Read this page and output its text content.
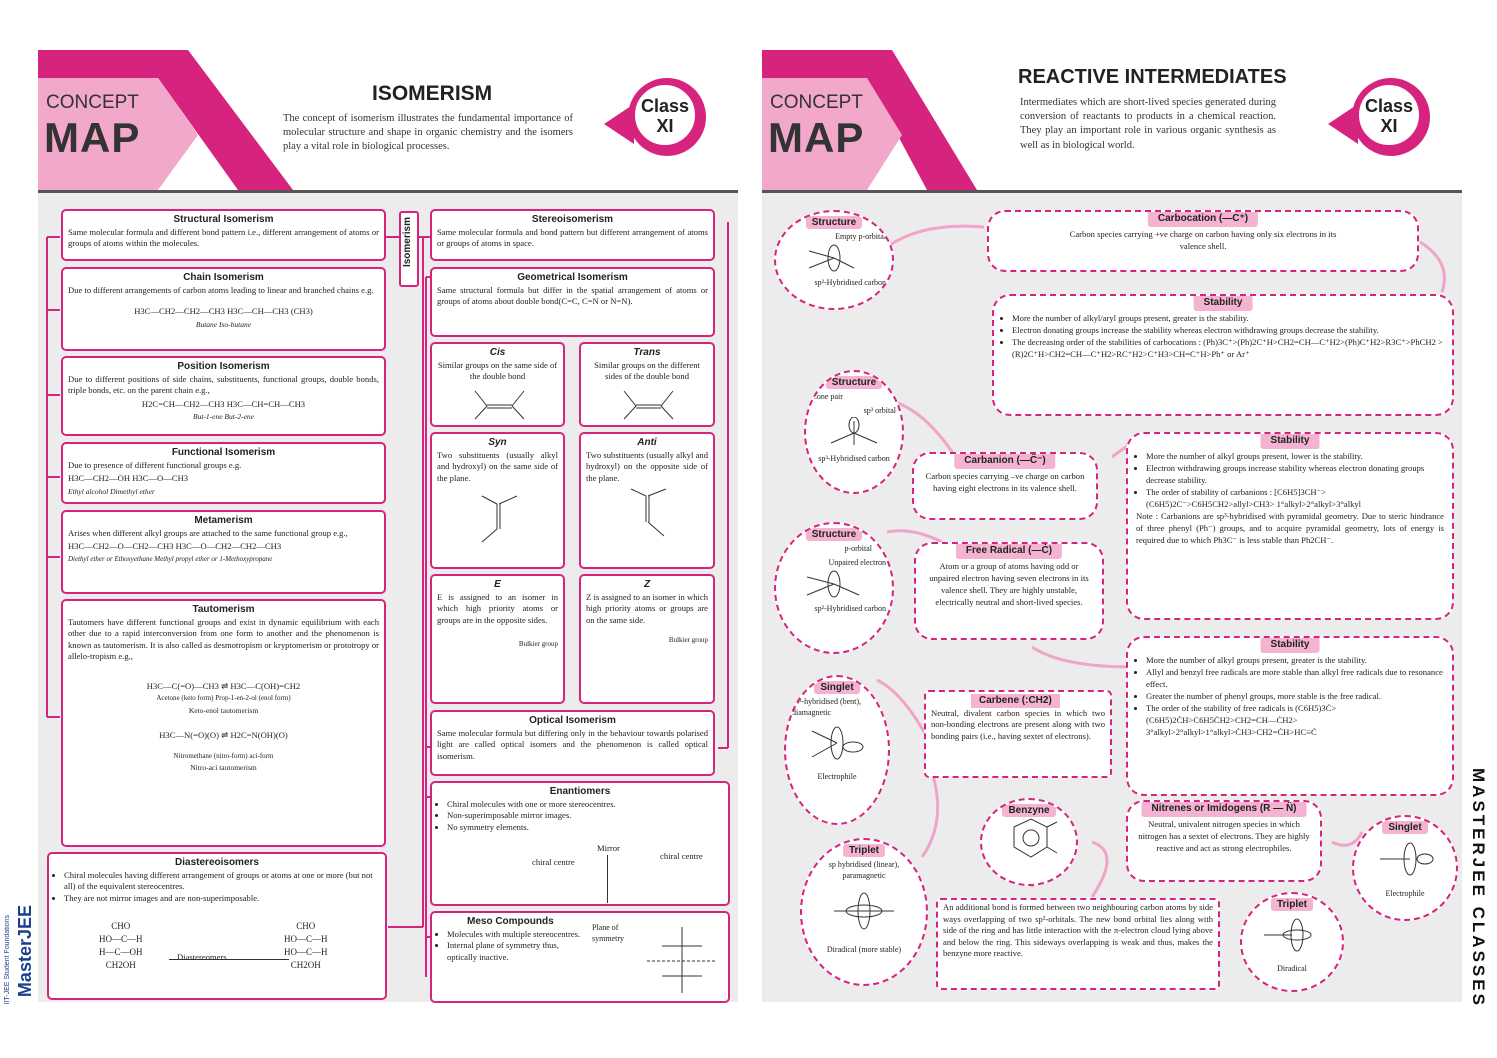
CONCEPT
MAP
ISOMERISM
The concept of isomerism illustrates the fundamental importance of molecular structure and shape in organic chemistry and the isomers play a vital role in biological processes.
Class
XI
Isomerism
Structural Isomerism
Same molecular formula and different bond pattern i.e., different arrangement of atoms or groups of atoms within the molecules.
Chain Isomerism
Due to different arrangements of carbon atoms leading to linear and branched chains e.g.
H3C—CH2—CH2—CH3 H3C—CH—CH3 (CH3)
Butane Iso-butane
Position Isomerism
Due to different positions of side chains, substituents, functional groups, double bonds, triple bonds, etc. on the parent chain e.g.,
H2C=CH—CH2—CH3 H3C—CH=CH—CH3
But-1-ene But-2-ene
Functional Isomerism
Due to presence of different functional groups e.g.
H3C—CH2—OH H3C—O—CH3
Ethyl alcohol Dimethyl ether
Metamerism
Arises when different alkyl groups are attached to the same functional group e.g.,
H3C—CH2—O—CH2—CH3 H3C—O—CH2—CH2—CH3
Diethyl ether or Ethoxyethane Methyl propyl ether or 1-Methoxypropane
Tautomerism
Tautomers have different functional groups and exist in dynamic equilibrium with each other due to a rapid interconversion from one form to another and the phenomenon is known as tautomerism. It is also called as desmotropism or kryptomerism or prototropy or allelo-tropism e.g.,
H3C—C(=O)—CH3 ⇌ H3C—C(OH)=CH2
Acetone (keto form) Prop-1-en-2-ol (enol form)
Keto-enol tautomerism
H3C—N(=O)(O) ⇌ H2C=N(OH)(O)
Nitromethane (nitro-form) aci-form
Nitro-aci tautomerism
Diastereoisomers
• Chiral molecules having different arrangement of groups or atoms at one or more (but not all) of the equivalent stereocentres.
• They are not mirror images and are non-superimposable.
CHO
HO—C—H
H—C—OH
CH2OH
Diastereomers
CHO
HO—C—H
HO—C—H
CH2OH
Stereoisomerism
Same molecular formula and bond pattern but different arrangement of atoms or groups of atoms in space.
Geometrical Isomerism
Same structural formula but differ in the spatial arrangement of atoms or groups of atoms about double bond(C=C, C=N or N=N).
Cis
Similar groups on the same side of the double bond
Trans
Similar groups on the different sides of the double bond
Syn
Two substituents (usually alkyl and hydroxyl) on the same side of the plane.
Anti
Two substituents (usually alkyl and hydroxyl) on the opposite side of the plane.
E
E is assigned to an isomer in which high priority atoms or groups are in the opposite sides.
Bulkier group
Z
Z is assigned to an isomer in which high priority atoms or groups are on the same side.
Bulkier group
Optical Isomerism
Same molecular formula but differing only in the behaviour towards polarised light are called optical isomers and the phenomenon is called optical isomerism.
Enantiomers
• Chiral molecules with one or more stereocentres.
• Non-superimposable mirror images.
• No symmetry elements.
Mirror
chiral centre
chiral centre
Meso Compounds
• Molecules with multiple stereocentres.
• Internal plane of symmetry thus, optically inactive.
Plane of symmetry
MasterJEE
IIT-JEE Student Foundations
CONCEPT
MAP
REACTIVE INTERMEDIATES
Intermediates which are short-lived species generated during conversion of reactants to products in a chemical reaction. They play an important role in various organic synthesis as well as in biological world.
Class
XI
Carbocation (—C⁺)
Carbon species carrying +ve charge on carbon having only six electrons in its valence shell.
Stability
• More the number of alkyl/aryl groups present, greater is the stability.
• Electron donating groups increase the stability whereas electron withdrawing groups decrease the stability.
• The decreasing order of the stabilities of carbocations : (Ph)3C⁺>(Ph)2C⁺H>CH2=CH—C⁺H2>(Ph)C⁺H2>R3C⁺>PhCH2 > (R)2C⁺H>CH2=CH—C⁺H2>RC⁺H2>C⁺H3>CH=C⁺H>Ph⁺ or Ar⁺
Structure
Empty p-orbital
sp²-Hybridised carbon
Structure
Lone pair
sp³ orbital
sp³-Hybridised carbon	Carbanion (—C̈⁻)
Carbon species carrying –ve charge on carbon having eight electrons in its valence shell.
Stability
• More the number of alkyl groups present, lower is the stability.
• Electron withdrawing groups increase stability whereas electron donating groups decrease stability.
• The order of stability of carbanions : [C6H5]3CH⁻>(C6H5)2C⁻>C6H5CH2>allyl>CH3> 1°alkyl>2°alkyl>3°alkyl
Note : Carbanions are sp³-hybridised with pyramidal geometry. Due to steric hindrance of three phenyl (Ph⁻) groups, and to acquire pyramidal geometry, lots of energy is required due to which Ph3C⁻ is less stable than Ph2CH⁻.
Structure
p-orbital
Unpaired electron
sp²-Hybridised carbon
Free Radical (—Ċ)
Atom or a group of atoms having odd or unpaired electron having seven electrons in its valence shell. They are highly unstable, electrically neutral and short-lived species.
Stability
• More the number of alkyl groups present, greater is the stability.
• Allyl and benzyl free radicals are more stable than alkyl free radicals due to resonance effect.
• Greater the number of phenyl groups, more stable is the free radical.
• The order of the stability of free radicals is (C6H5)3Ċ>(C6H5)2ĊH>C6H5ĊH2>CH2=CH—ĊH2> 3°alkyl>2°alkyl>1°alkyl>ĊH3>CH2=ĊH>HC≡Ċ
Singlet
sp²-hybridised (bent), diamagnetic
Electrophile
Carbene (:CH2)
Neutral, divalent carbon species in which two non-bonding electrons are present along with two bonding pairs (i.e., having sextet of electrons).
Triplet
sp hybridised (linear), paramagnetic
Diradical (more stable)
Benzyne
An additional bond is formed between two neighbouring carbon atoms by side ways overlapping of two sp²-orbitals. The new bond orbital lies along with side of the ring and has little interaction with the π-electron cloud lying above and below the ring. This sideways overlapping is weak and thus, makes the benzyne more reactive.
Nitrenes or Imidogens (R — N̈)
Neutral, univalent nitrogen species in which nitrogen has a sextet of electrons. They are highly reactive and act as strong electrophiles.
Singlet
Electrophile
Triplet
Diradical	MASTERJEE CLASSES
